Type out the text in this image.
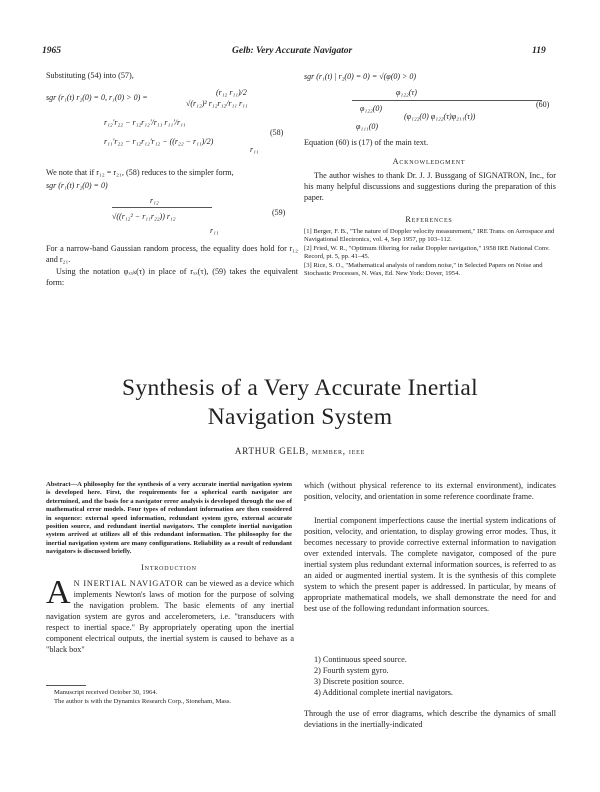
1965	Gelb: Very Accurate Navigator	119
Substituting (54) into (57),
sgr (r₁(t) r₂(0) = 0, r₁(0) > 0) =
(r₁₂ r₁₁)/2
√(r₁₂)² r₁₂r₁₂/r₁₁ r₁₁
r₁₂'r₂₂ − r₁₂r₁₂'/r₁₁ r₁₁'/r₁₁
(58)
r₁₁'r₂₂ − r₁₂r₁₂'r₁₂ − ((r₂₂ − r₁₁)/2)
r₁₁
We note that if r₁₂ = r₂₁, (58) reduces to the simpler form,
sgr (r₁(t) r₂(0) = 0)
r₁₂
√((r₁₂² − r₁₁r₂₂)) r₁₂	(59)
r₁₁
For a narrow-band Gaussian random process, the equality does hold for r₁₂ and r₂₁.
Using the notation φₓₓₖ(τ) in place of rₓₓ(τ), (59) takes the equivalent form:
sgr (r₁(t) | r₂(0) = 0) = √(φ(0) > 0)
φ₁₂₂(τ)
φ₁₂₂(0)
(φ₁₂₂(0) φ₁₂₂(τ)φ₂₁₁(τ))
φ₁₁₁(0)
(60)
Equation (60) is (17) of the main text.
Acknowledgment
The author wishes to thank Dr. J. J. Bussgang of SIGNATRON, Inc., for his many helpful discussions and suggestions during the preparation of this paper.
References

[1] Berger, F. B., "The nature of Doppler velocity measurement," IRE Trans. on Aerospace and Navigational Electronics, vol. 4, Sep 1957, pp 103–112.

[2] Fried, W. R., "Optimum filtering for radar Doppler navigation," 1958 IRE National Conv. Record, pt. 5, pp. 41–45.

[3] Rice, S. O., "Mathematical analysis of random noise," in Selected Papers on Noise and Stochastic Processes, N. Wax, Ed. New York: Dover, 1954.

Synthesis of a Very Accurate Inertial
Navigation System
ARTHUR GELB, member, ieee
Abstract—A philosophy for the synthesis of a very accurate inertial navigation system is developed here. First, the requirements for a spherical earth navigator are determined, and the basis for a navigator error analysis is developed through the use of mathematical error models. Four types of redundant information are then considered in sequence: external speed information, redundant system gyro, external accurate position source, and redundant inertial navigators. The complete inertial navigation system arrived at utilizes all of this redundant information. The philosophy for the inertial navigation system are many configurations. Reliability as a result of redundant navigators is discussed briefly.
Introduction
A N INERTIAL NAVIGATOR can be viewed as a device which implements Newton's laws of motion for the purpose of solving the navigation problem. The basic elements of any inertial navigation system are gyros and accelerometers, i.e. "transducers with respect to inertial space." By appropriately operating upon the inertial component electrical outputs, the inertial system is caused to behave as a "black box"
Manuscript received October 30, 1964.
The author is with the Dynamics Research Corp., Stoneham, Mass.
which (without physical reference to its external environment), indicates position, velocity, and orientation in some reference coordinate frame.
Inertial component imperfections cause the inertial system indications of position, velocity, and orientation, to display growing error modes. Thus, it becomes necessary to provide corrective external information to navigation over extended intervals. The complete navigator, composed of the pure inertial system plus redundant external information sources, is referred to as an aided or augmented inertial system. It is the synthesis of this complete system to which the present paper is addressed. In particular, by means of appropriate mathematical models, we shall demonstrate the need for and best use of the following redundant information sources.
1) Continuous speed source.
2) Fourth system gyro.
3) Discrete position source.
4) Additional complete inertial navigators.
Through the use of error diagrams, which describe the dynamics of small deviations in the inertially-indicated
